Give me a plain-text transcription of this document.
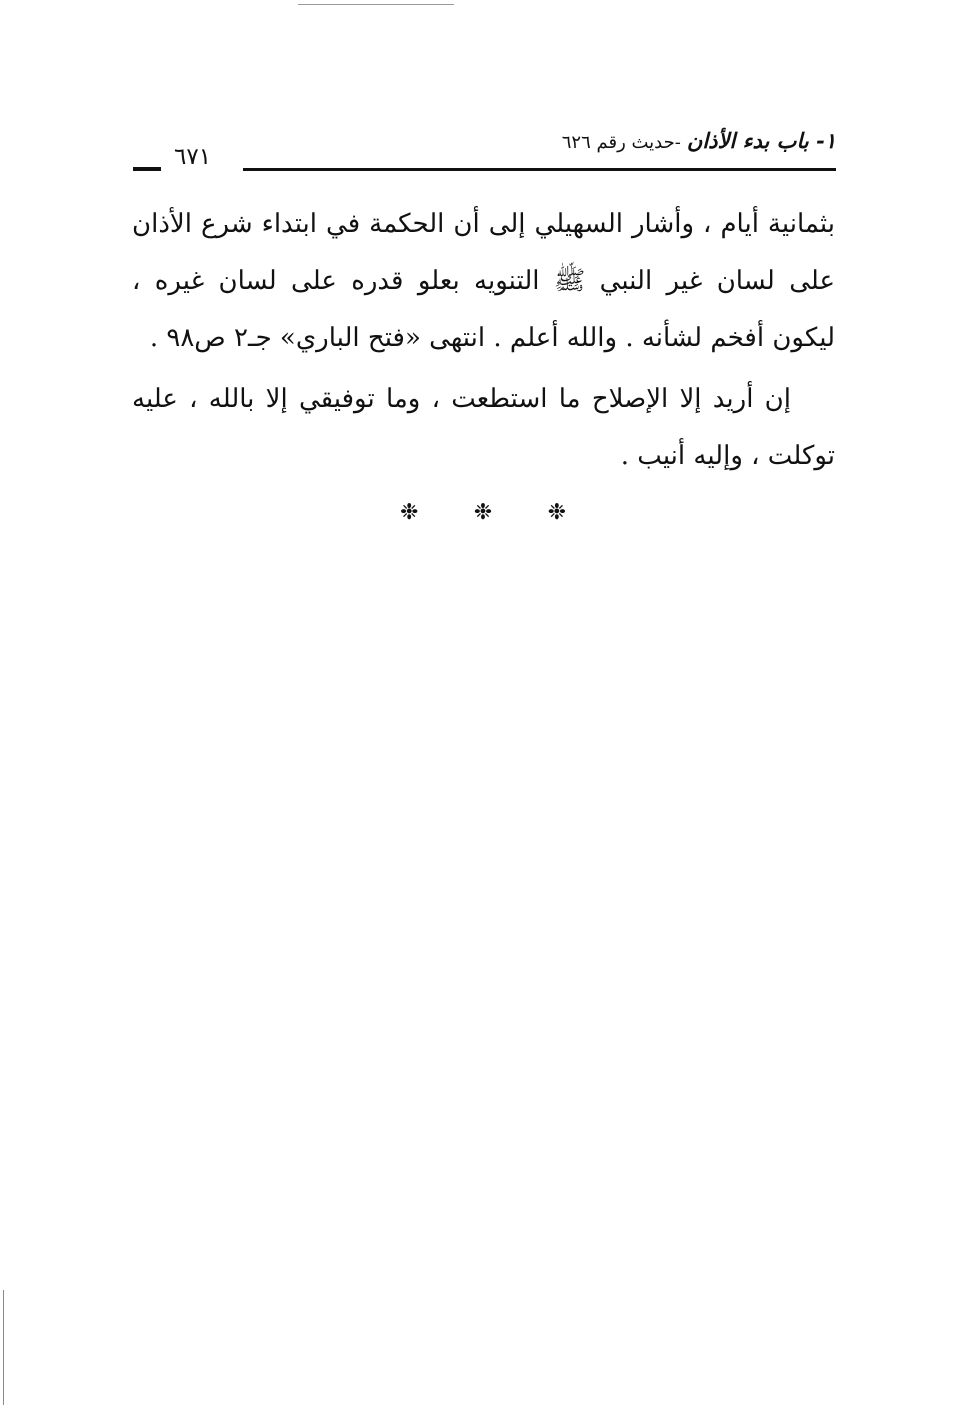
١- باب بدء الأذان -حديث رقم ٦٢٦
٦٧١

بثمانية أيام ، وأشار السهيلي إلى أن الحكمة في ابتداء شرع الأذان على لسان غير النبي ﷺ التنويه بعلو قدره على لسان غيره ، ليكون أفخم لشأنه . والله أعلم . انتهى «فتح الباري» جـ٢ ص٩٨ .

إن أريد إلا الإصلاح ما استطعت ، وما توفيقي إلا بالله ، عليه توكلت ، وإليه أنيب .

❉	❉	❉
